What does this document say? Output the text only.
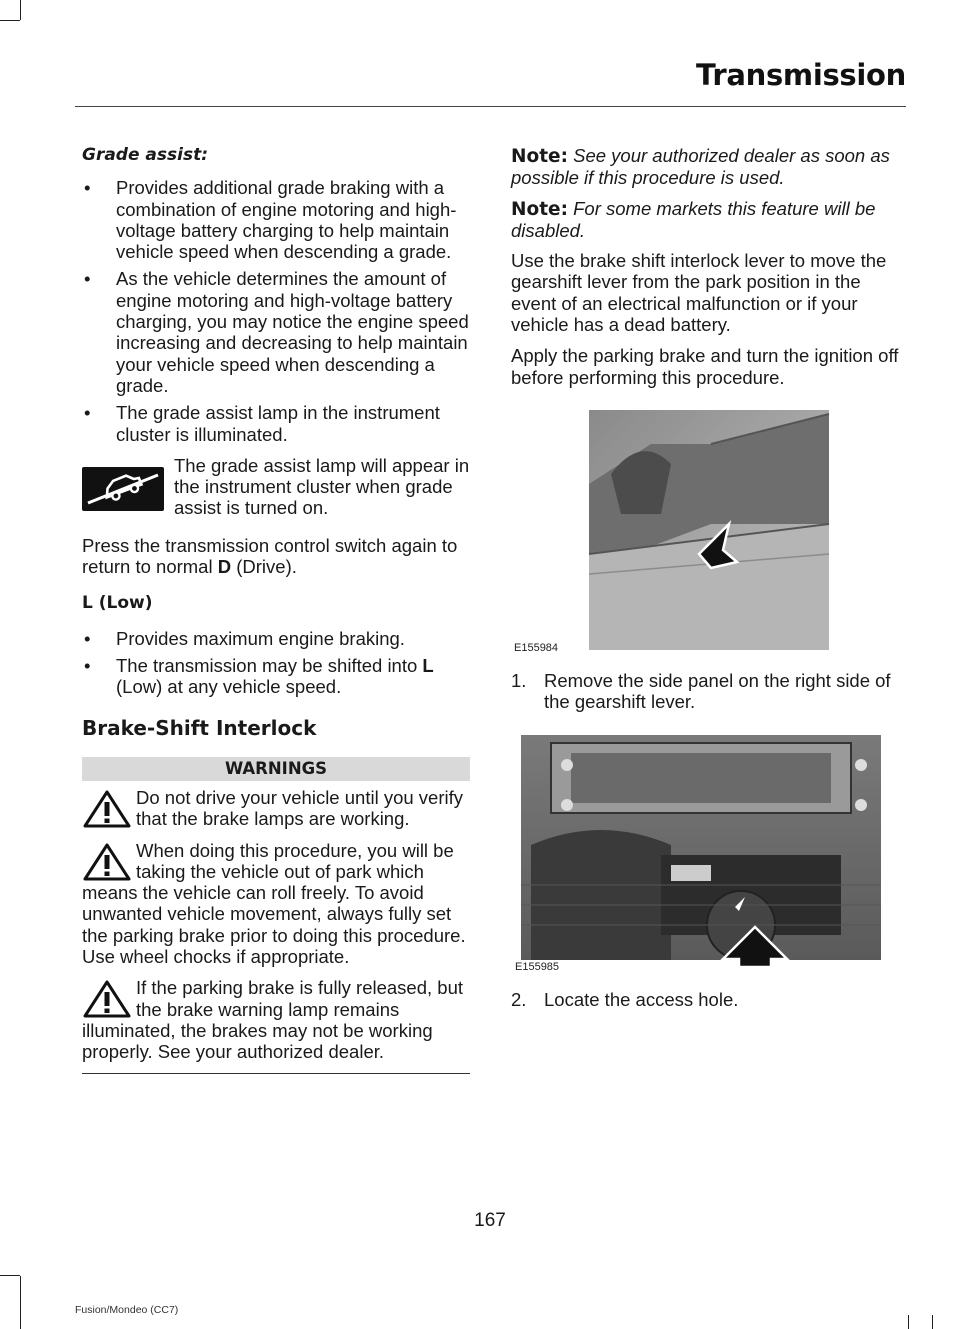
Transmission

Grade assist:

• Provides additional grade braking with a combination of engine motoring and high-voltage battery charging to help maintain vehicle speed when descending a grade.
• As the vehicle determines the amount of engine motoring and high-voltage battery charging, you may notice the engine speed increasing and decreasing to help maintain your vehicle speed when descending a grade.
• The grade assist lamp in the instrument cluster is illuminated.

The grade assist lamp will appear in the instrument cluster when grade assist is turned on.

Press the transmission control switch again to return to normal D (Drive).

L (Low)

• Provides maximum engine braking.
• The transmission may be shifted into L (Low) at any vehicle speed.

Brake-Shift Interlock

WARNINGS

Do not drive your vehicle until you verify that the brake lamps are working.

When doing this procedure, you will be taking the vehicle out of park which means the vehicle can roll freely. To avoid unwanted vehicle movement, always fully set the parking brake prior to doing this procedure. Use wheel chocks if appropriate.

If the parking brake is fully released, but the brake warning lamp remains illuminated, the brakes may not be working properly. See your authorized dealer.

Note: See your authorized dealer as soon as possible if this procedure is used.

Note: For some markets this feature will be disabled.

Use the brake shift interlock lever to move the gearshift lever from the park position in the event of an electrical malfunction or if your vehicle has a dead battery.

Apply the parking brake and turn the ignition off before performing this procedure.

E155984
1. Remove the side panel on the right side of the gearshift lever.
E155985
2. Locate the access hole.
167
Fusion/Mondeo (CC7)
